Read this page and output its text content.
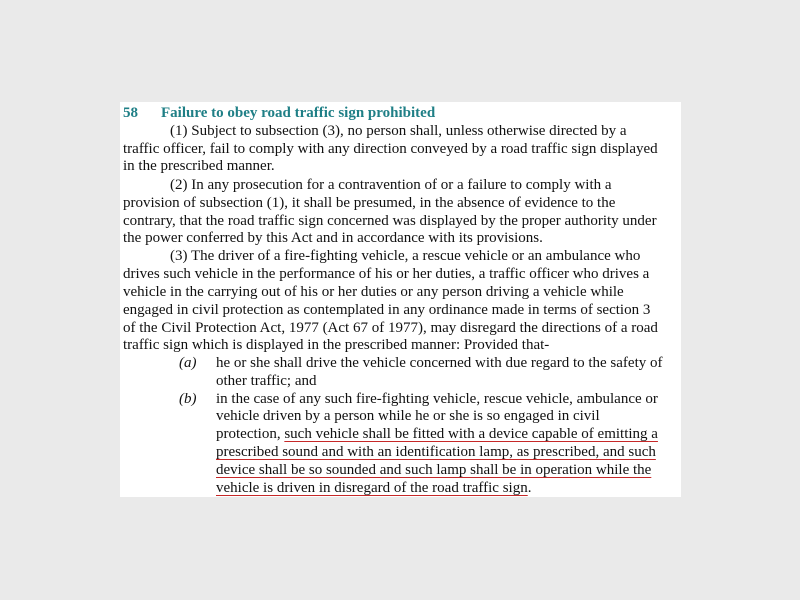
58 Failure to obey road traffic sign prohibited
(1) Subject to subsection (3), no person shall, unless otherwise directed by a
traffic officer, fail to comply with any direction conveyed by a road traffic sign displayed
in the prescribed manner.
(2) In any prosecution for a contravention of or a failure to comply with a
provision of subsection (1), it shall be presumed, in the absence of evidence to the
contrary, that the road traffic sign concerned was displayed by the proper authority under
the power conferred by this Act and in accordance with its provisions.
(3) The driver of a fire-fighting vehicle, a rescue vehicle or an ambulance who
drives such vehicle in the performance of his or her duties, a traffic officer who drives a
vehicle in the carrying out of his or her duties or any person driving a vehicle while
engaged in civil protection as contemplated in any ordinance made in terms of section 3
of the Civil Protection Act, 1977 (Act 67 of 1977), may disregard the directions of a road
traffic sign which is displayed in the prescribed manner: Provided that-
(a) he or she shall drive the vehicle concerned with due regard to the safety of
other traffic; and
(b) in the case of any such fire-fighting vehicle, rescue vehicle, ambulance or
vehicle driven by a person while he or she is so engaged in civil
protection, such vehicle shall be fitted with a device capable of emitting a
prescribed sound and with an identification lamp, as prescribed, and such
device shall be so sounded and such lamp shall be in operation while the
vehicle is driven in disregard of the road traffic sign.
